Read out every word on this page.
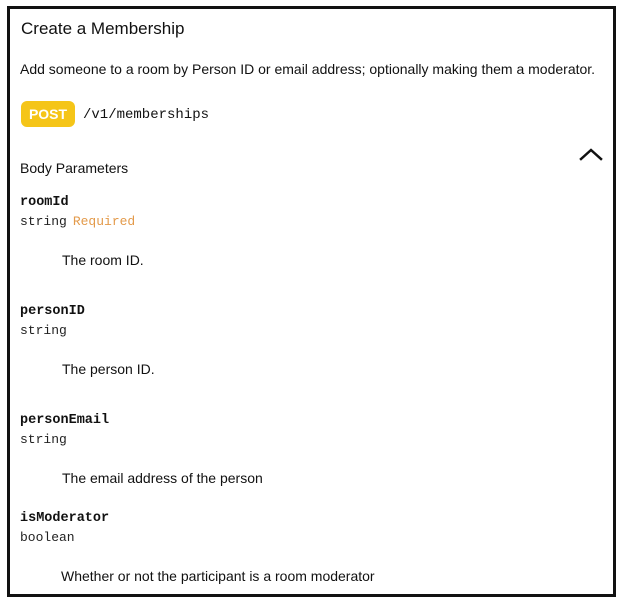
Create a Membership
Add someone to a room by Person ID or email address; optionally making them a moderator.
POST	/v1/memberships
Body Parameters
roomId
string Required
The room ID.
personID
string
The person ID.
personEmail
string
The email address of the person
isModerator
boolean
Whether or not the participant is a room moderator
